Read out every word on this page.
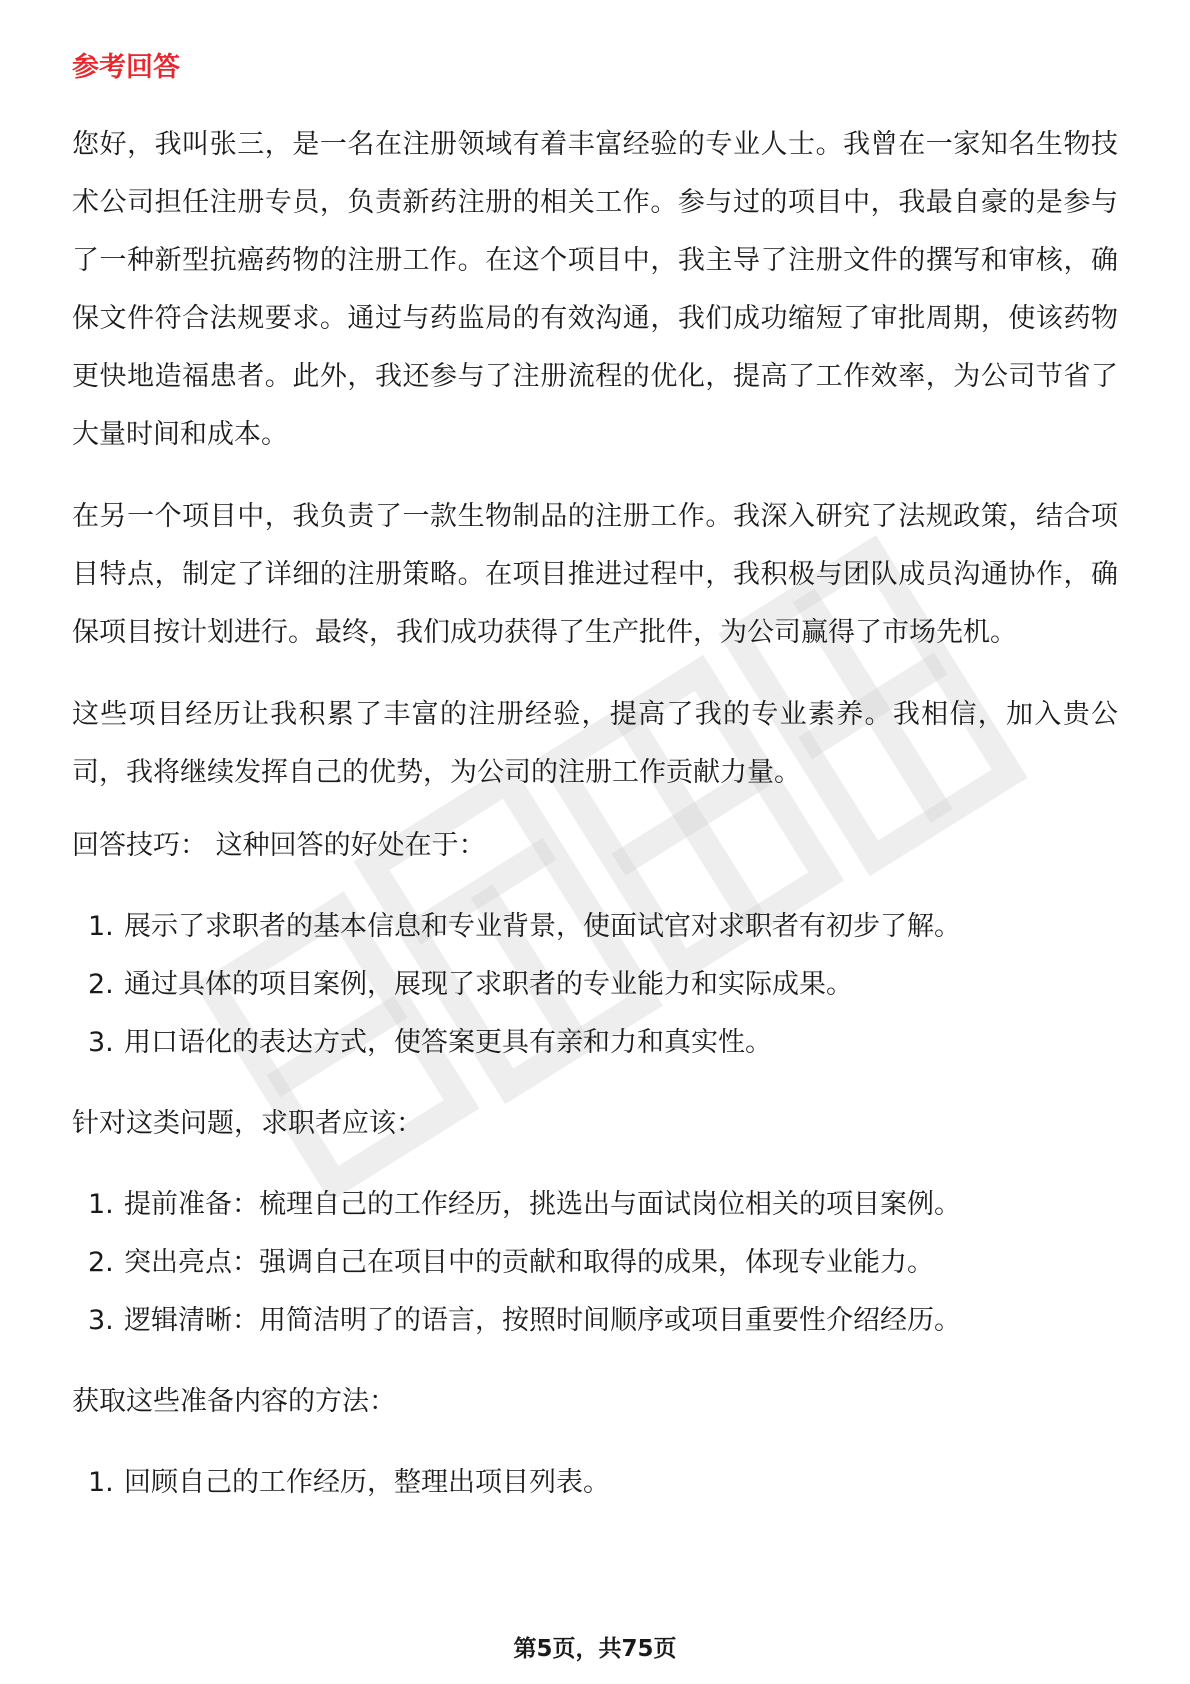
参考回答

您好，我叫张三，是一名在注册领域有着丰富经验的专业人士。我曾在一家知名生物技术公司担任注册专员，负责新药注册的相关工作。参与过的项目中，我最自豪的是参与了一种新型抗癌药物的注册工作。在这个项目中，我主导了注册文件的撰写和审核，确保文件符合法规要求。通过与药监局的有效沟通，我们成功缩短了审批周期，使该药物更快地造福患者。此外，我还参与了注册流程的优化，提高了工作效率，为公司节省了大量时间和成本。

在另一个项目中，我负责了一款生物制品的注册工作。我深入研究了法规政策，结合项目特点，制定了详细的注册策略。在项目推进过程中，我积极与团队成员沟通协作，确保项目按计划进行。最终，我们成功获得了生产批件，为公司赢得了市场先机。

这些项目经历让我积累了丰富的注册经验，提高了我的专业素养。我相信，加入贵公司，我将继续发挥自己的优势，为公司的注册工作贡献力量。

回答技巧： 这种回答的好处在于：
1. 展示了求职者的基本信息和专业背景，使面试官对求职者有初步了解。
2. 通过具体的项目案例，展现了求职者的专业能力和实际成果。
3. 用口语化的表达方式，使答案更具有亲和力和真实性。
针对这类问题，求职者应该：
1. 提前准备：梳理自己的工作经历，挑选出与面试岗位相关的项目案例。
2. 突出亮点：强调自己在项目中的贡献和取得的成果，体现专业能力。
3. 逻辑清晰：用简洁明了的语言，按照时间顺序或项目重要性介绍经历。
获取这些准备内容的方法：
1. 回顾自己的工作经历，整理出项目列表。
第5页，共75页
